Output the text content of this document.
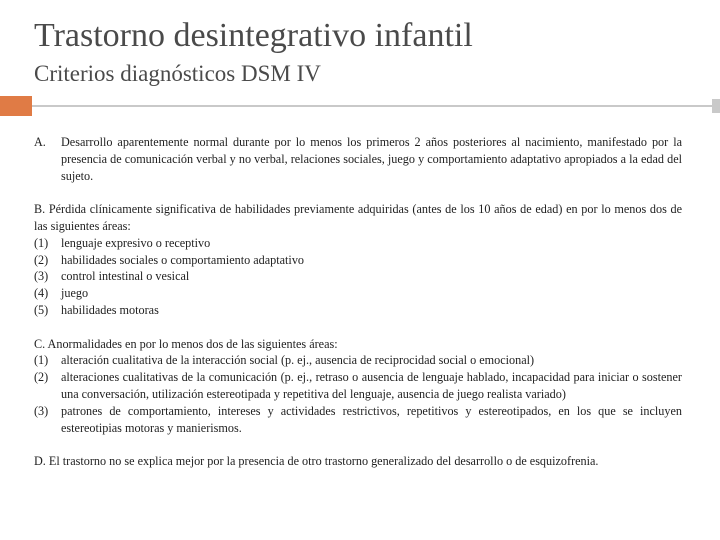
Trastorno desintegrativo infantil
Criterios diagnósticos DSM IV
A.	Desarrollo aparentemente normal durante por lo menos los primeros 2 años posteriores al nacimiento, manifestado por la presencia de comunicación verbal y no verbal, relaciones sociales, juego y comportamiento adaptativo apropiados a la edad del sujeto.
B. Pérdida clínicamente significativa de habilidades previamente adquiridas (antes de los 10 años de edad) en por lo menos dos de las siguientes áreas:
(1)	lenguaje expresivo o receptivo
(2)	habilidades sociales o comportamiento adaptativo
(3)	control intestinal o vesical
(4)	juego
(5)	habilidades motoras
C. Anormalidades en por lo menos dos de las siguientes áreas:
(1)	alteración cualitativa de la interacción social (p. ej., ausencia de reciprocidad social o emocional)
(2)	alteraciones cualitativas de la comunicación (p. ej., retraso o ausencia de lenguaje hablado, incapacidad para iniciar o sostener una conversación, utilización estereotipada y repetitiva del lenguaje, ausencia de juego realista variado)
(3)	patrones de comportamiento, intereses y actividades restrictivos, repetitivos y estereotipados, en los que se incluyen estereotipias motoras y manierismos.
D. El trastorno no se explica mejor por la presencia de otro trastorno generalizado del desarrollo o de esquizofrenia.
